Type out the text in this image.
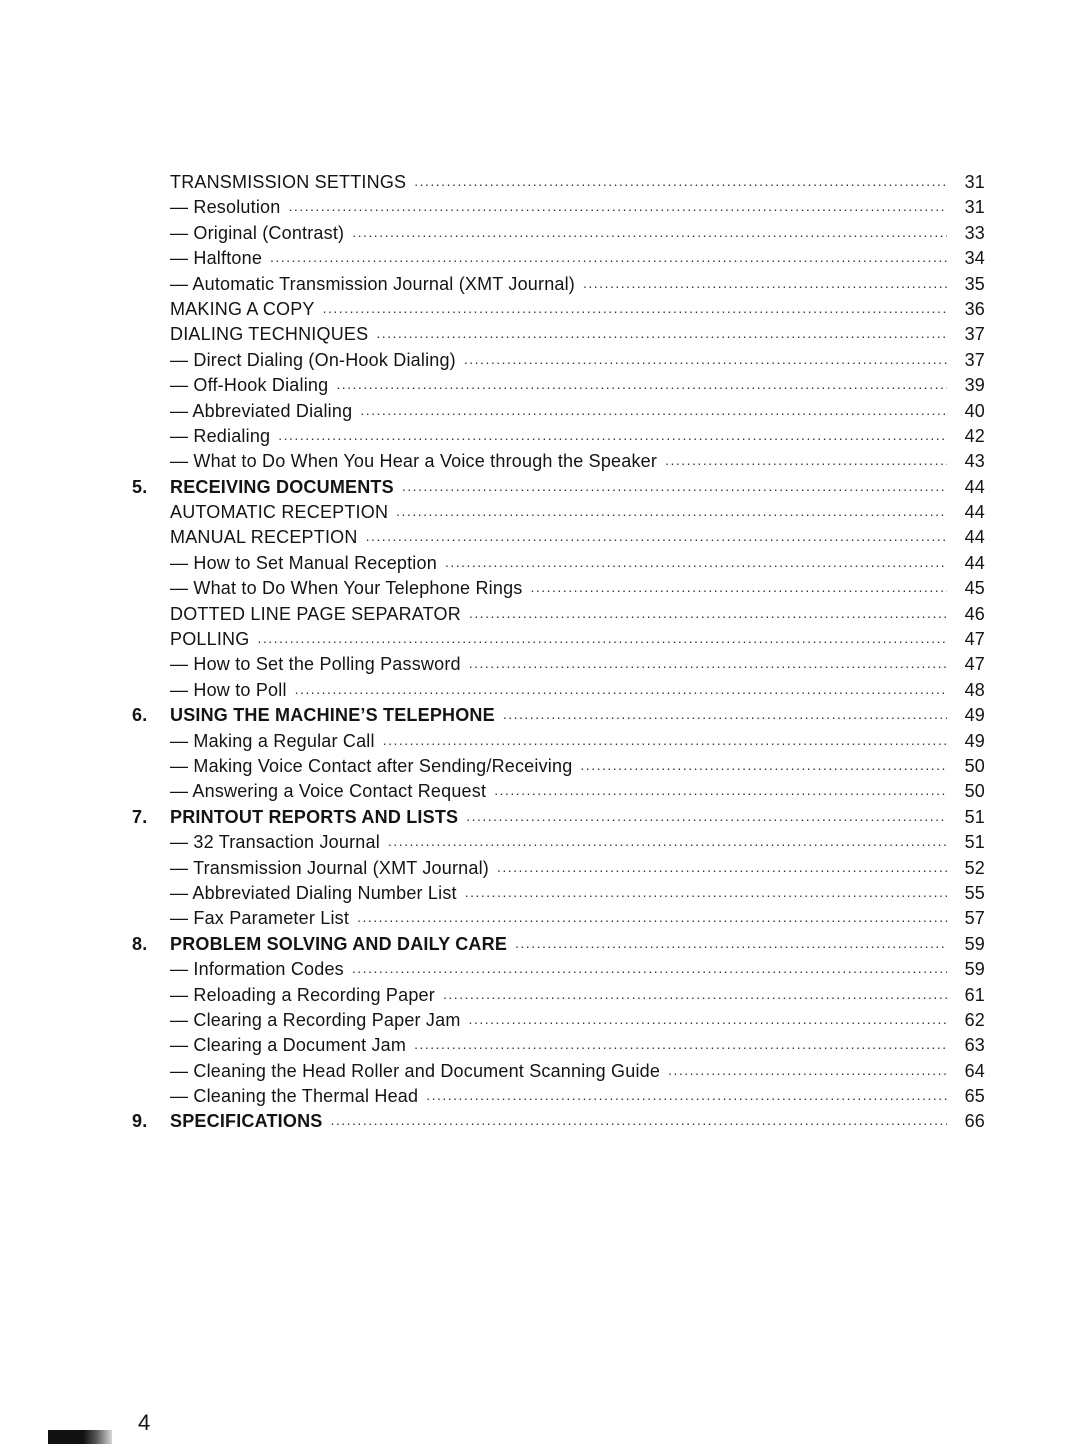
TRANSMISSION SETTINGS .....	31
— Resolution .....	31
— Original (Contrast) .....	33
— Halftone .....	34
— Automatic Transmission Journal (XMT Journal) .....	35
MAKING A COPY .....	36
DIALING TECHNIQUES .....	37
— Direct Dialing (On-Hook Dialing) .....	37
— Off-Hook Dialing .....	39
— Abbreviated Dialing .....	40
— Redialing .....	42
— What to Do When You Hear a Voice through the Speaker .....	43
5.	RECEIVING DOCUMENTS .....	44
AUTOMATIC RECEPTION .....	44
MANUAL RECEPTION .....	44
— How to Set Manual Reception .....	44
— What to Do When Your Telephone Rings .....	45
DOTTED LINE PAGE SEPARATOR .....	46
POLLING .....	47
— How to Set the Polling Password .....	47
— How to Poll .....	48
6.	USING THE MACHINE’S TELEPHONE .....	49
— Making a Regular Call .....	49
— Making Voice Contact after Sending/Receiving .....	50
— Answering a Voice Contact Request .....	50
7.	PRINTOUT REPORTS AND LISTS .....	51
— 32 Transaction Journal .....	51
— Transmission Journal (XMT Journal) .....	52
— Abbreviated Dialing Number List .....	55
— Fax Parameter List .....	57
8.	PROBLEM SOLVING AND DAILY CARE .....	59
— Information Codes .....	59
— Reloading a Recording Paper .....	61
— Clearing a Recording Paper Jam .....	62
— Clearing a Document Jam .....	63
— Cleaning the Head Roller and Document Scanning Guide .....	64
— Cleaning the Thermal Head .....	65
9.	SPECIFICATIONS .....	66
4
